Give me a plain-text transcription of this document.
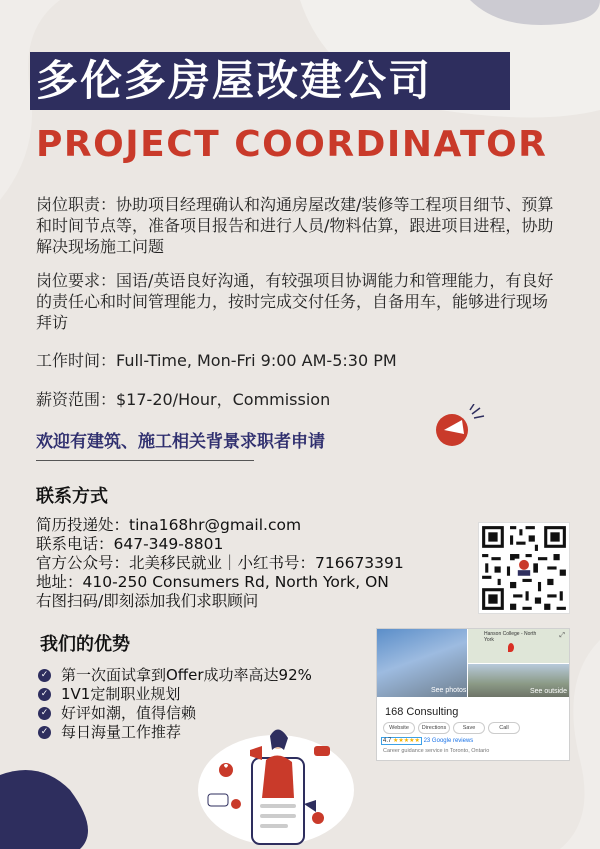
多伦多房屋改建公司
PROJECT COORDINATOR
岗位职责：协助项目经理确认和沟通房屋改建/装修等工程项目细节、预算和时间节点等，准备项目报告和进行人员/物料估算，跟进项目进程，协助解决现场施工问题
岗位要求：国语/英语良好沟通，有较强项目协调能力和管理能力，有良好的责任心和时间管理能力，按时完成交付任务，自备用车，能够进行现场拜访
工作时间：Full-Time, Mon-Fri 9:00 AM-5:30 PM
薪资范围：$17-20/Hour，Commission
欢迎有建筑、施工相关背景求职者申请
联系方式
简历投递处：tina168hr@gmail.com
联系电话：647-349-8801
官方公众号：北美移民就业｜小红书号：716673391
地址：410-250 Consumers Rd, North York, ON
右图扫码/即刻添加我们求职顾问
我们的优势
✓ 第一次面试拿到Offer成功率高达92%
✓ 1V1定制职业规划
✓ 好评如潮，值得信赖
✓ 每日海量工作推荐
See photos
Hanson College - North York
⤢
See outside
168 Consulting
Website	Directions	Save	Call
4.7 ★★★★★ 23 Google reviews
Career guidance service in Toronto, Ontario
